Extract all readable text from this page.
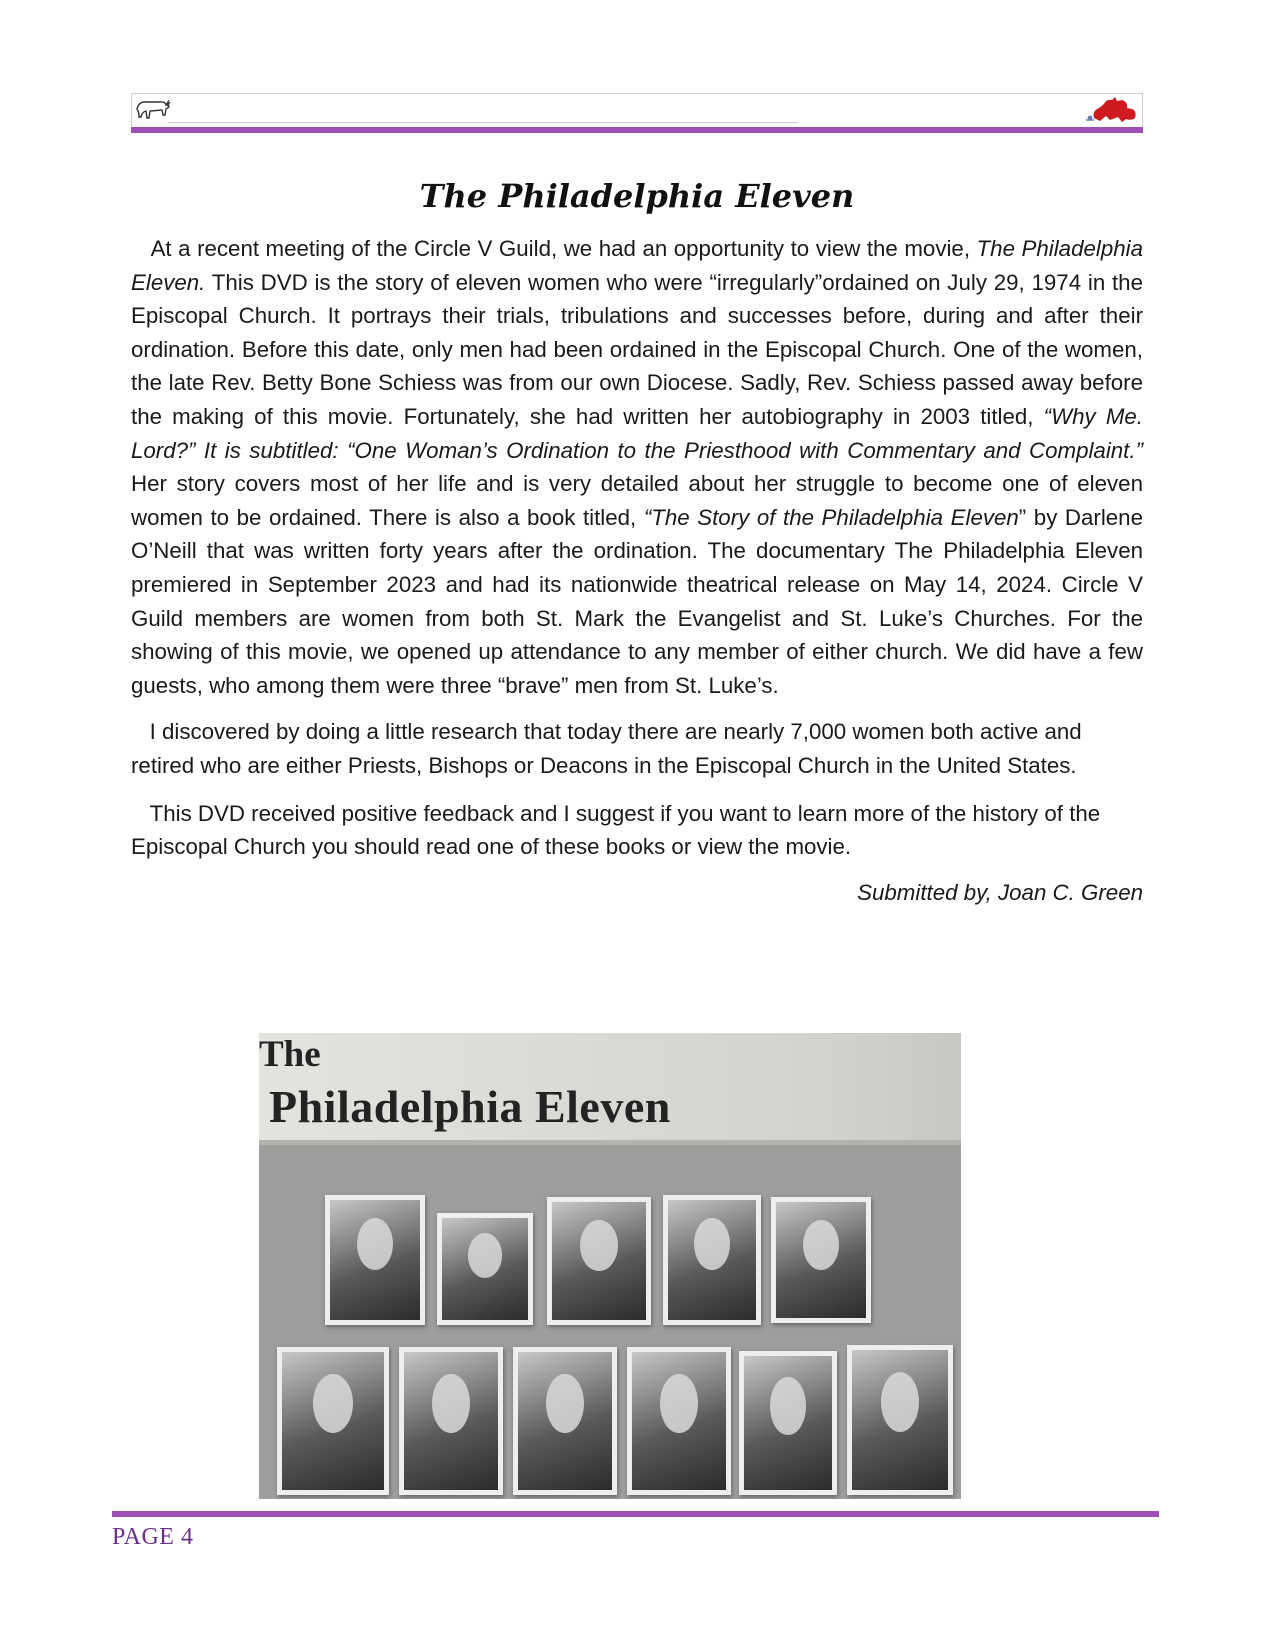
The Philadelphia Eleven

At a recent meeting of the Circle V Guild, we had an opportunity to view the movie, The Philadelphia Eleven. This DVD is the story of eleven women who were “irregularly”ordained on July 29, 1974 in the Episcopal Church. It portrays their trials, tribulations and successes before, during and after their ordination. Before this date, only men had been ordained in the Episcopal Church. One of the women, the late Rev. Betty Bone Schiess was from our own Diocese. Sadly, Rev. Schiess passed away before the making of this movie. Fortunately, she had written her autobiography in 2003 titled, “Why Me. Lord?” It is subtitled: “One Woman’s Ordination to the Priesthood with Commentary and Complaint.” Her story covers most of her life and is very detailed about her struggle to become one of eleven women to be ordained. There is also a book titled, “The Story of the Philadelphia Eleven” by Darlene O’Neill that was written forty years after the ordination. The documentary The Philadelphia Eleven premiered in September 2023 and had its nationwide theatrical release on May 14, 2024. Circle V Guild members are women from both St. Mark the Evangelist and St. Luke’s Churches. For the showing of this movie, we opened up attendance to any member of either church. We did have a few guests, who among them were three “brave” men from St. Luke’s.

I discovered by doing a little research that today there are nearly 7,000 women both active and retired who are either Priests, Bishops or Deacons in the Episcopal Church in the United States.

This DVD received positive feedback and I suggest if you want to learn more of the history of the Episcopal Church you should read one of these books or view the movie.

Submitted by, Joan C. Green

The
Philadelphia Eleven
PAGE 4
